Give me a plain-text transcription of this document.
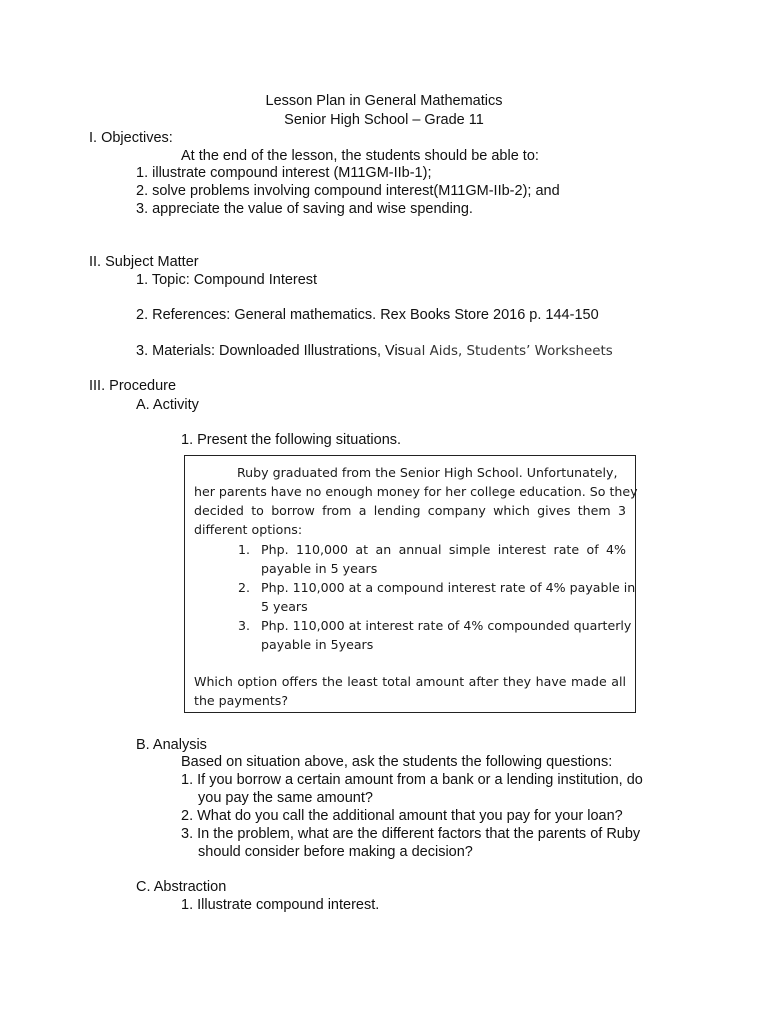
Lesson Plan in General Mathematics
Senior High School – Grade 11
I. Objectives:
At the end of the lesson, the students should be able to:
1. illustrate compound interest (M11GM-IIb-1);
2. solve problems involving compound interest(M11GM-IIb-2); and
3. appreciate the value of saving and wise spending.
II. Subject Matter
1. Topic: Compound Interest
2. References: General mathematics. Rex Books Store 2016 p. 144-150
3. Materials: Downloaded Illustrations, Visual Aids, Students’ Worksheets
III. Procedure
A. Activity
1. Present the following situations.
Ruby graduated from the Senior High School. Unfortunately,
her parents have no enough money for her college education. So they
decided to borrow from a lending company which gives them 3
different options:
1. Php. 110,000 at an annual simple interest rate of 4%
payable in 5 years
2. Php. 110,000 at a compound interest rate of 4% payable in
5 years
3. Php. 110,000 at interest rate of 4% compounded quarterly
payable in 5years
Which option offers the least total amount after they have made all
the payments?
B. Analysis
Based on situation above, ask the students the following questions:
1. If you borrow a certain amount from a bank or a lending institution, do
you pay the same amount?
2. What do you call the additional amount that you pay for your loan?
3. In the problem, what are the different factors that the parents of Ruby
should consider before making a decision?
C. Abstraction
1. Illustrate compound interest.
